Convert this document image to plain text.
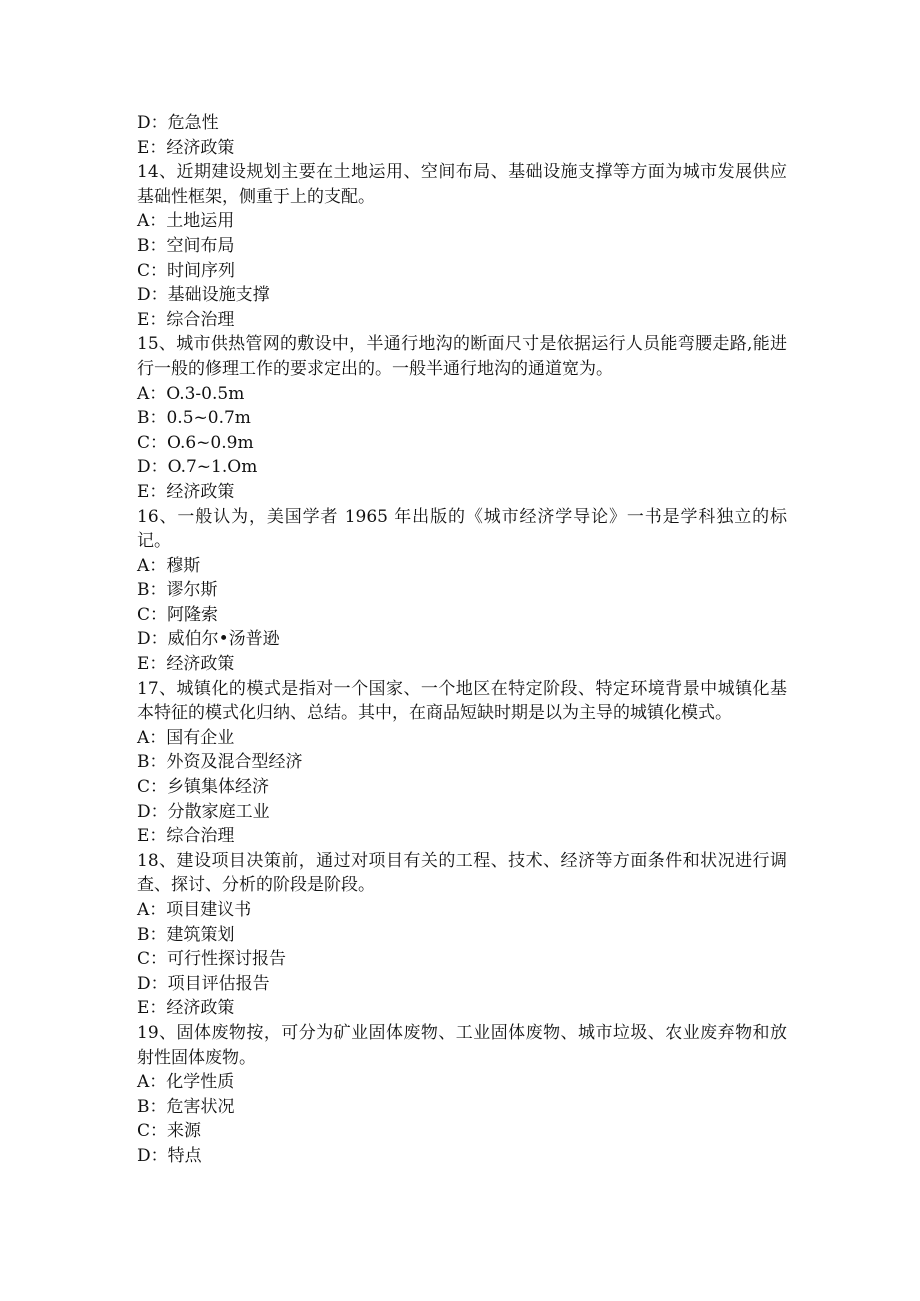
D：危急性
E：经济政策
14、近期建设规划主要在土地运用、空间布局、基础设施支撑等方面为城市发展供应基础性框架，侧重于上的支配。
A：土地运用
B：空间布局
C：时间序列
D：基础设施支撑
E：综合治理
15、城市供热管网的敷设中，半通行地沟的断面尺寸是依据运行人员能弯腰走路,能进行一般的修理工作的要求定出的。一般半通行地沟的通道宽为。
A：O.3-0.5m
B：0.5~0.7m
C：O.6~0.9m
D：O.7~1.Om
E：经济政策
16、一般认为，美国学者 1965 年出版的《城市经济学导论》一书是学科独立的标记。
A：穆斯
B：谬尔斯
C：阿隆索
D：威伯尔•汤普逊
E：经济政策
17、城镇化的模式是指对一个国家、一个地区在特定阶段、特定环境背景中城镇化基本特征的模式化归纳、总结。其中，在商品短缺时期是以为主导的城镇化模式。
A：国有企业
B：外资及混合型经济
C：乡镇集体经济
D：分散家庭工业
E：综合治理
18、建设项目决策前，通过对项目有关的工程、技术、经济等方面条件和状况进行调查、探讨、分析的阶段是阶段。
A：项目建议书
B：建筑策划
C：可行性探讨报告
D：项目评估报告
E：经济政策
19、固体废物按，可分为矿业固体废物、工业固体废物、城市垃圾、农业废弃物和放射性固体废物。
A：化学性质
B：危害状况
C：来源
D：特点
